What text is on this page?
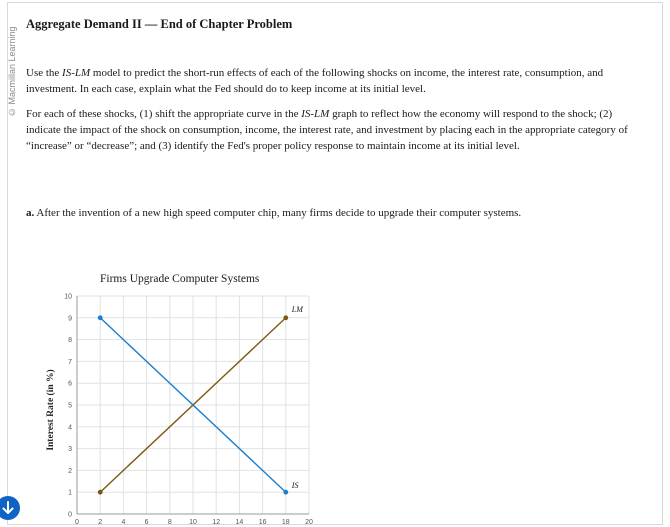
© Macmillan Learning
Aggregate Demand II — End of Chapter Problem

Use the IS-LM model to predict the short-run effects of each of the following shocks on income, the interest rate, consumption, and investment. In each case, explain what the Fed should do to keep income at its initial level.

For each of these shocks, (1) shift the appropriate curve in the IS-LM graph to reflect how the economy will respond to the shock; (2) indicate the impact of the shock on consumption, income, the interest rate, and investment by placing each in the appropriate category of “increase” or “decrease”; and (3) identify the Fed's proper policy response to maintain income at its initial level.

a. After the invention of a new high speed computer chip, many firms decide to upgrade their computer systems.

Firms Upgrade Computer Systems
0
1
2
3
4
5
6
7
8
9
10
0	2	4	6	8 10 12 14 16 18 20
LM
IS
Interest Rate (in %)
